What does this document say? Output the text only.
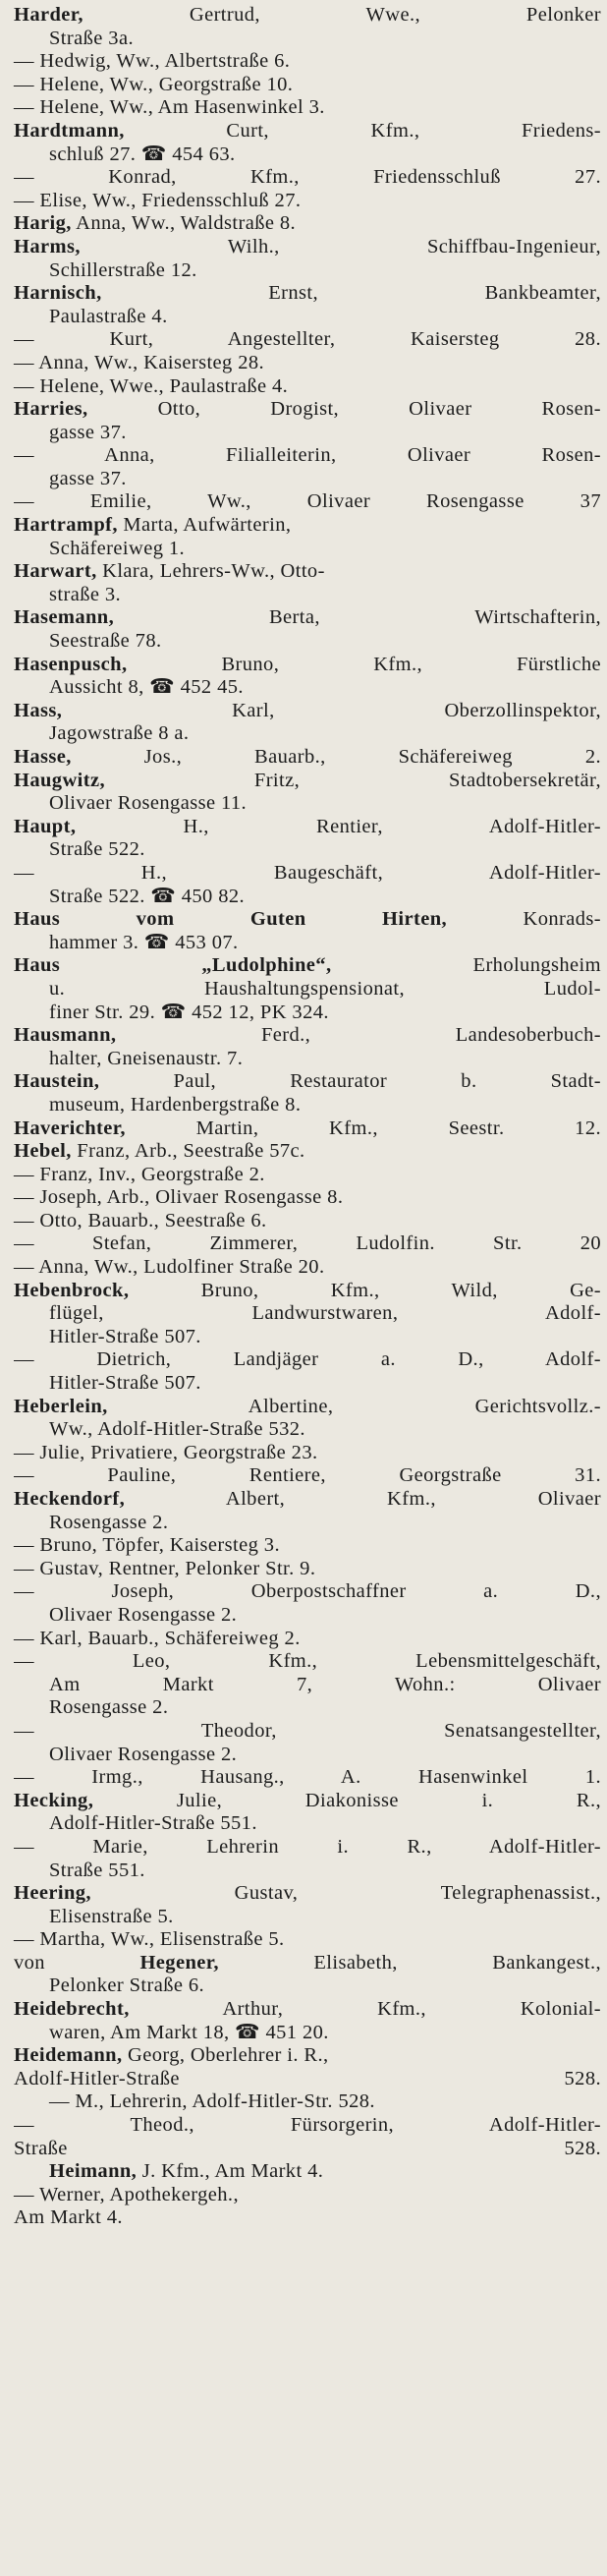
Harder, Gertrud, Wwe., Pelonker
Straße 3a.
— Hedwig, Ww., Albertstraße 6.
— Helene, Ww., Georgstraße 10.
— Helene, Ww., Am Hasenwinkel 3.
Hardtmann, Curt, Kfm., Friedens-
schluß 27. ☎ 454 63.
— Konrad, Kfm., Friedensschluß 27.
— Elise, Ww., Friedensschluß 27.
Harig, Anna, Ww., Waldstraße 8.
Harms, Wilh., Schiffbau-Ingenieur,
Schillerstraße 12.
Harnisch, Ernst, Bankbeamter,
Paulastraße 4.
— Kurt, Angestellter, Kaisersteg 28.
— Anna, Ww., Kaisersteg 28.
— Helene, Wwe., Paulastraße 4.
Harries, Otto, Drogist, Olivaer Rosen-
gasse 37.
— Anna, Filialleiterin, Olivaer Rosen-
gasse 37.
— Emilie, Ww., Olivaer Rosengasse 37
Hartrampf, Marta, Aufwärterin,
Schäfereiweg 1.
Harwart, Klara, Lehrers-Ww., Otto-
straße 3.
Hasemann, Berta, Wirtschafterin,
Seestraße 78.
Hasenpusch, Bruno, Kfm., Fürstliche
Aussicht 8, ☎ 452 45.
Hass, Karl, Oberzollinspektor,
Jagowstraße 8 a.
Hasse, Jos., Bauarb., Schäfereiweg 2.
Haugwitz, Fritz, Stadtobersekretär,
Olivaer Rosengasse 11.
Haupt, H., Rentier, Adolf-Hitler-
Straße 522.
— H., Baugeschäft, Adolf-Hitler-
Straße 522. ☎ 450 82.
Haus vom Guten Hirten, Konrads-
hammer 3. ☎ 453 07.
Haus „Ludolphine“, Erholungsheim
u. Haushaltungspensionat, Ludol-
finer Str. 29. ☎ 452 12, PK 324.
Hausmann, Ferd., Landesoberbuch-
halter, Gneisenaustr. 7.
Haustein, Paul, Restaurator b. Stadt-
museum, Hardenbergstraße 8.
Haverichter, Martin, Kfm., Seestr. 12.
Hebel, Franz, Arb., Seestraße 57c.
— Franz, Inv., Georgstraße 2.
— Joseph, Arb., Olivaer Rosengasse 8.
— Otto, Bauarb., Seestraße 6.
— Stefan, Zimmerer, Ludolfin. Str. 20
— Anna, Ww., Ludolfiner Straße 20.
Hebenbrock, Bruno, Kfm., Wild, Ge-
flügel, Landwurstwaren, Adolf-
Hitler-Straße 507.
— Dietrich, Landjäger a. D., Adolf-
Hitler-Straße 507.
Heberlein, Albertine, Gerichtsvollz.-
Ww., Adolf-Hitler-Straße 532.
— Julie, Privatiere, Georgstraße 23.
— Pauline, Rentiere, Georgstraße 31.
Heckendorf, Albert, Kfm., Olivaer
Rosengasse 2.
— Bruno, Töpfer, Kaisersteg 3.
— Gustav, Rentner, Pelonker Str. 9.
— Joseph, Oberpostschaffner a. D.,
Olivaer Rosengasse 2.
— Karl, Bauarb., Schäfereiweg 2.
— Leo, Kfm., Lebensmittelgeschäft,
Am Markt 7, Wohn.: Olivaer
Rosengasse 2.
— Theodor, Senatsangestellter,
Olivaer Rosengasse 2.
— Irmg., Hausang., A. Hasenwinkel 1.
Hecking, Julie, Diakonisse i. R.,
Adolf-Hitler-Straße 551.
— Marie, Lehrerin i. R., Adolf-Hitler-
Straße 551.
Heering, Gustav, Telegraphenassist.,
Elisenstraße 5.
— Martha, Ww., Elisenstraße 5.
von Hegener, Elisabeth, Bankangest.,
Pelonker Straße 6.
Heidebrecht, Arthur, Kfm., Kolonial-
waren, Am Markt 18, ☎ 451 20.
Heidemann, Georg, Oberlehrer i. R.,
Adolf-Hitler-Straße 528.
— M., Lehrerin, Adolf-Hitler-Str. 528.
— Theod., Fürsorgerin, Adolf-Hitler-
Straße 528.
Heimann, J. Kfm., Am Markt 4.
— Werner, Apothekergeh.,
Am Markt 4.
